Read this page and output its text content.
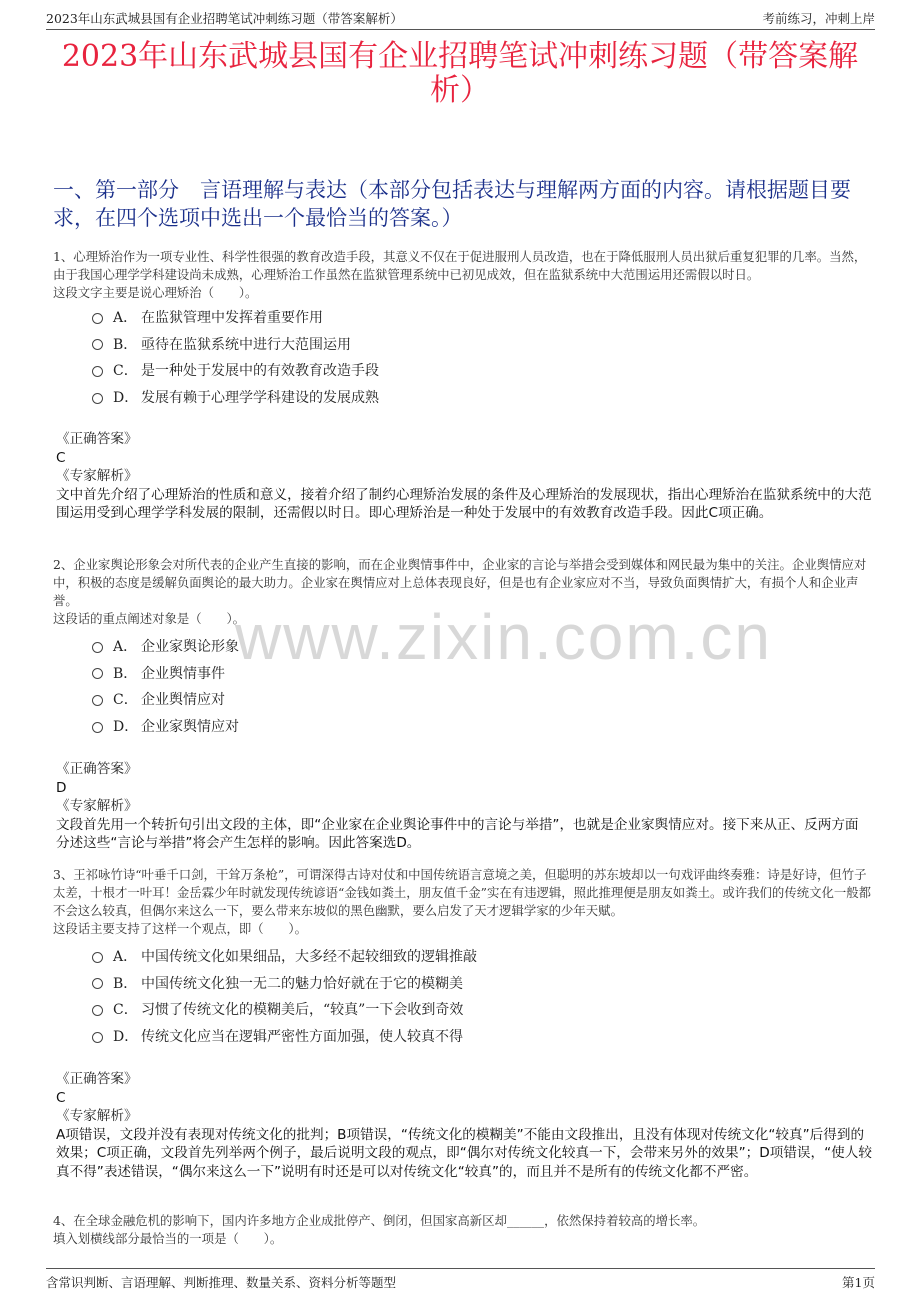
2023年山东武城县国有企业招聘笔试冲刺练习题（带答案解析）	考前练习，冲刺上岸
2023年山东武城县国有企业招聘笔试冲刺练习题（带答案解析）
一、第一部分　言语理解与表达（本部分包括表达与理解两方面的内容。请根据题目要求，在四个选项中选出一个最恰当的答案。）
www.zixin.com.cn
1、心理矫治作为一项专业性、科学性很强的教育改造手段，其意义不仅在于促进服刑人员改造，也在于降低服刑人员出狱后重复犯罪的几率。当然，由于我国心理学学科建设尚未成熟，心理矫治工作虽然在监狱管理系统中已初见成效，但在监狱系统中大范围运用还需假以时日。
这段文字主要是说心理矫治（　　）。
A． 在监狱管理中发挥着重要作用
B． 亟待在监狱系统中进行大范围运用
C． 是一种处于发展中的有效教育改造手段
D． 发展有赖于心理学学科建设的发展成熟
《正确答案》
C
《专家解析》
文中首先介绍了心理矫治的性质和意义，接着介绍了制约心理矫治发展的条件及心理矫治的发展现状，指出心理矫治在监狱系统中的大范围运用受到心理学学科发展的限制，还需假以时日。即心理矫治是一种处于发展中的有效教育改造手段。因此C项正确。
2、企业家舆论形象会对所代表的企业产生直接的影响，而在企业舆情事件中，企业家的言论与举措会受到媒体和网民最为集中的关注。企业舆情应对中，积极的态度是缓解负面舆论的最大助力。企业家在舆情应对上总体表现良好，但是也有企业家应对不当，导致负面舆情扩大，有损个人和企业声誉。
这段话的重点阐述对象是（　　）。
A． 企业家舆论形象
B． 企业舆情事件
C． 企业舆情应对
D． 企业家舆情应对
《正确答案》
D
《专家解析》
文段首先用一个转折句引出文段的主体，即“企业家在企业舆论事件中的言论与举措”，也就是企业家舆情应对。接下来从正、反两方面分述这些“言论与举措”将会产生怎样的影响。因此答案选D。
3、王祁咏竹诗“叶垂千口剑，干耸万条枪”，可谓深得古诗对仗和中国传统语言意境之美，但聪明的苏东坡却以一句戏评曲终奏雅：诗是好诗，但竹子太差，十根才一叶耳！金岳霖少年时就发现传统谚语“金钱如粪土，朋友值千金”实在有违逻辑，照此推理便是朋友如粪土。或许我们的传统文化一般都不会这么较真，但偶尔来这么一下，要么带来东坡似的黑色幽默，要么启发了天才逻辑学家的少年天赋。
这段话主要支持了这样一个观点，即（　　）。
A． 中国传统文化如果细品，大多经不起较细致的逻辑推敲
B． 中国传统文化独一无二的魅力恰好就在于它的模糊美
C． 习惯了传统文化的模糊美后，“较真”一下会收到奇效
D． 传统文化应当在逻辑严密性方面加强，使人较真不得
《正确答案》
C
《专家解析》
A项错误，文段并没有表现对传统文化的批判；B项错误，“传统文化的模糊美”不能由文段推出，且没有体现对传统文化“较真”后得到的效果；C项正确，文段首先列举两个例子，最后说明文段的观点，即“偶尔对传统文化较真一下，会带来另外的效果”；D项错误，“使人较真不得”表述错误，“偶尔来这么一下”说明有时还是可以对传统文化“较真”的，而且并不是所有的传统文化都不严密。
4、在全球金融危机的影响下，国内许多地方企业成批停产、倒闭，但国家高新区却______，依然保持着较高的增长率。
填入划横线部分最恰当的一项是（　　）。
含常识判断、言语理解、判断推理、数量关系、资料分析等题型	第1页
